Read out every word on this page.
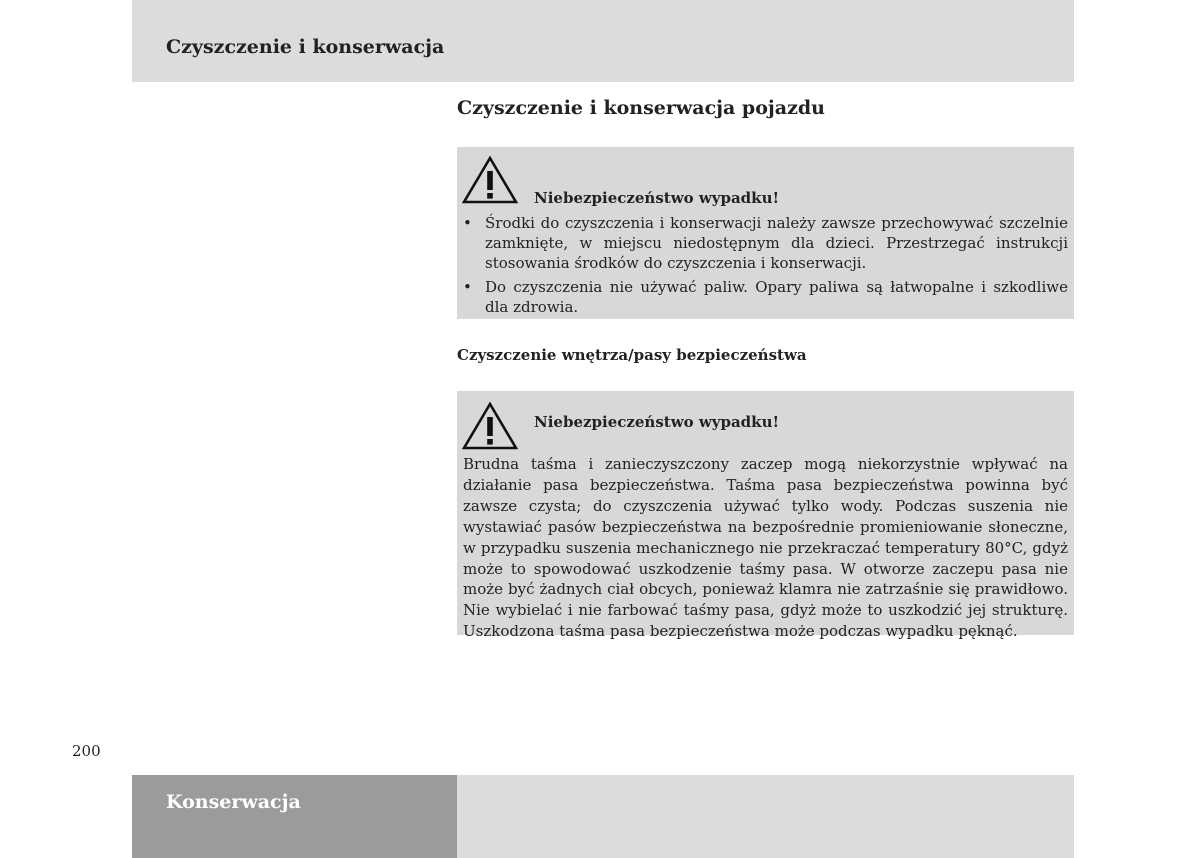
Czyszczenie i konserwacja
Czyszczenie i konserwacja pojazdu
Niebezpieczeństwo wypadku!
• Środki do czyszczenia i konserwacji należy zawsze przechowywać szczelnie zamknięte, w miejscu niedostępnym dla dzieci. Przestrzegać instrukcji stosowania środków do czyszczenia i konserwacji.
• Do czyszczenia nie używać paliw. Opary paliwa są łatwopalne i szkodliwe dla zdrowia.
Czyszczenie wnętrza/pasy bezpieczeństwa
Niebezpieczeństwo wypadku!

Brudna taśma i zanieczyszczony zaczep mogą niekorzystnie wpływać na działanie pasa bezpieczeństwa. Taśma pasa bezpieczeństwa powinna być zawsze czysta; do czyszczenia używać tylko wody. Podczas suszenia nie wystawiać pasów bezpieczeństwa na bezpośrednie promieniowanie słoneczne, w przypadku suszenia mechanicznego nie przekraczać temperatury 80°C, gdyż może to spowodować uszkodzenie taśmy pasa. W otworze zaczepu pasa nie może być żadnych ciał obcych, ponieważ klamra nie zatrzaśnie się prawidłowo. Nie wybielać i nie farbować taśmy pasa, gdyż może to uszkodzić jej strukturę. Uszkodzona taśma pasa bezpieczeństwa może podczas wypadku pęknąć.

200
Konserwacja
